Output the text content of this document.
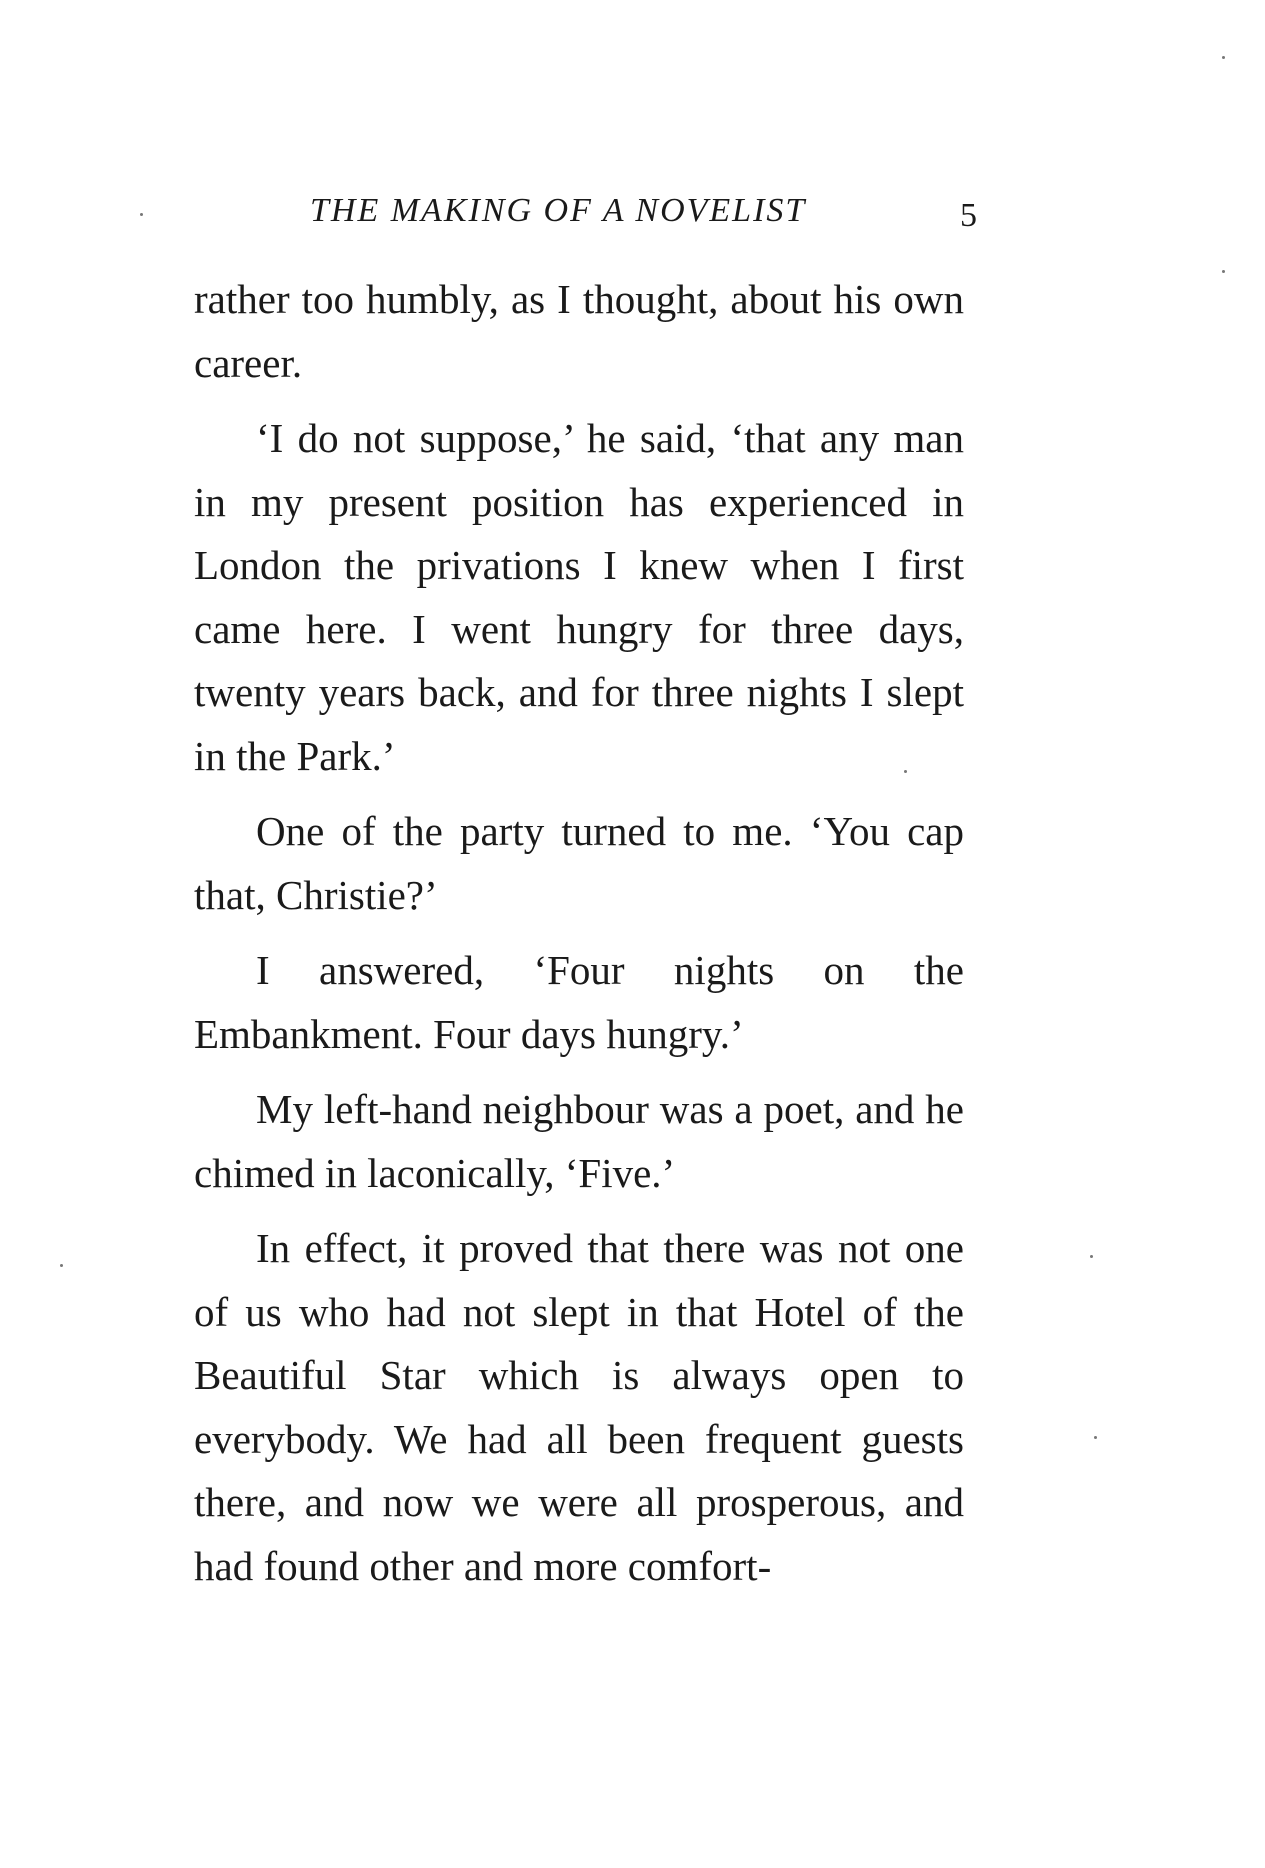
THE MAKING OF A NOVELIST	5

rather too humbly, as I thought, about his own career.

‘I do not suppose,’ he said, ‘that any man in my present position has experienced in London the privations I knew when I first came here. I went hungry for three days, twenty years back, and for three nights I slept in the Park.’

One of the party turned to me. ‘You cap that, Christie?’

I answered, ‘Four nights on the Embankment. Four days hungry.’

My left-hand neighbour was a poet, and he chimed in laconically, ‘Five.’

In effect, it proved that there was not one of us who had not slept in that Hotel of the Beautiful Star which is always open to everybody. We had all been frequent guests there, and now we were all prosperous, and had found other and more comfort-
